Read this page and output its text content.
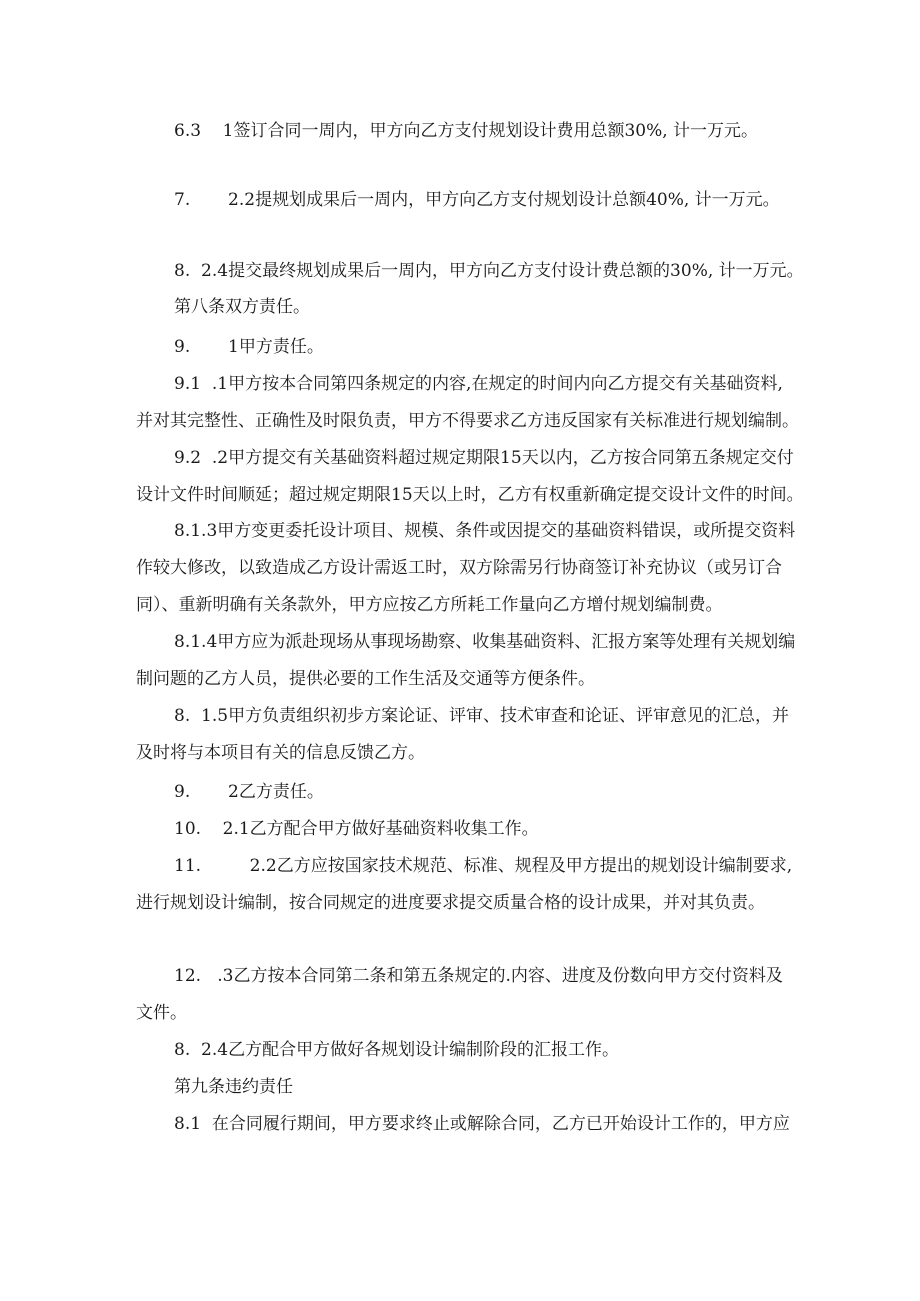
6.3    1签订合同一周内，甲方向乙方支付规划设计费用总额30%, 计一万元。
7.       2.2提规划成果后一周内，甲方向乙方支付规划设计总额40%, 计一万元。
8.  2.4提交最终规划成果后一周内，甲方向乙方支付设计费总额的30%, 计一万元。
第八条双方责任。
9.       1甲方责任。
9.1  .1甲方按本合同第四条规定的内容,在规定的时间内向乙方提交有关基础资料,
并对其完整性、正确性及时限负责，甲方不得要求乙方违反国家有关标准进行规划编制。
9.2  .2甲方提交有关基础资料超过规定期限15天以内，乙方按合同第五条规定交付
设计文件时间顺延；超过规定期限15天以上时，乙方有权重新确定提交设计文件的时间。
8.1.3甲方变更委托设计项目、规模、条件或因提交的基础资料错误，或所提交资料
作较大修改，以致造成乙方设计需返工时，双方除需另行协商签订补充协议（或另订合
同）、重新明确有关条款外，甲方应按乙方所耗工作量向乙方增付规划编制费。
8.1.4甲方应为派赴现场从事现场勘察、收集基础资料、汇报方案等处理有关规划编
制问题的乙方人员，提供必要的工作生活及交通等方便条件。
8.  1.5甲方负责组织初步方案论证、评审、技术审查和论证、评审意见的汇总，并
及时将与本项目有关的信息反馈乙方。
9.       2乙方责任。
10.    2.1乙方配合甲方做好基础资料收集工作。
11.         2.2乙方应按国家技术规范、标准、规程及甲方提出的规划设计编制要求,
进行规划设计编制，按合同规定的进度要求提交质量合格的设计成果，并对其负责。
12.   .3乙方按本合同第二条和第五条规定的.内容、进度及份数向甲方交付资料及
文件。
8.  2.4乙方配合甲方做好各规划设计编制阶段的汇报工作。
第九条违约责任
8.1  在合同履行期间，甲方要求终止或解除合同，乙方已开始设计工作的，甲方应
